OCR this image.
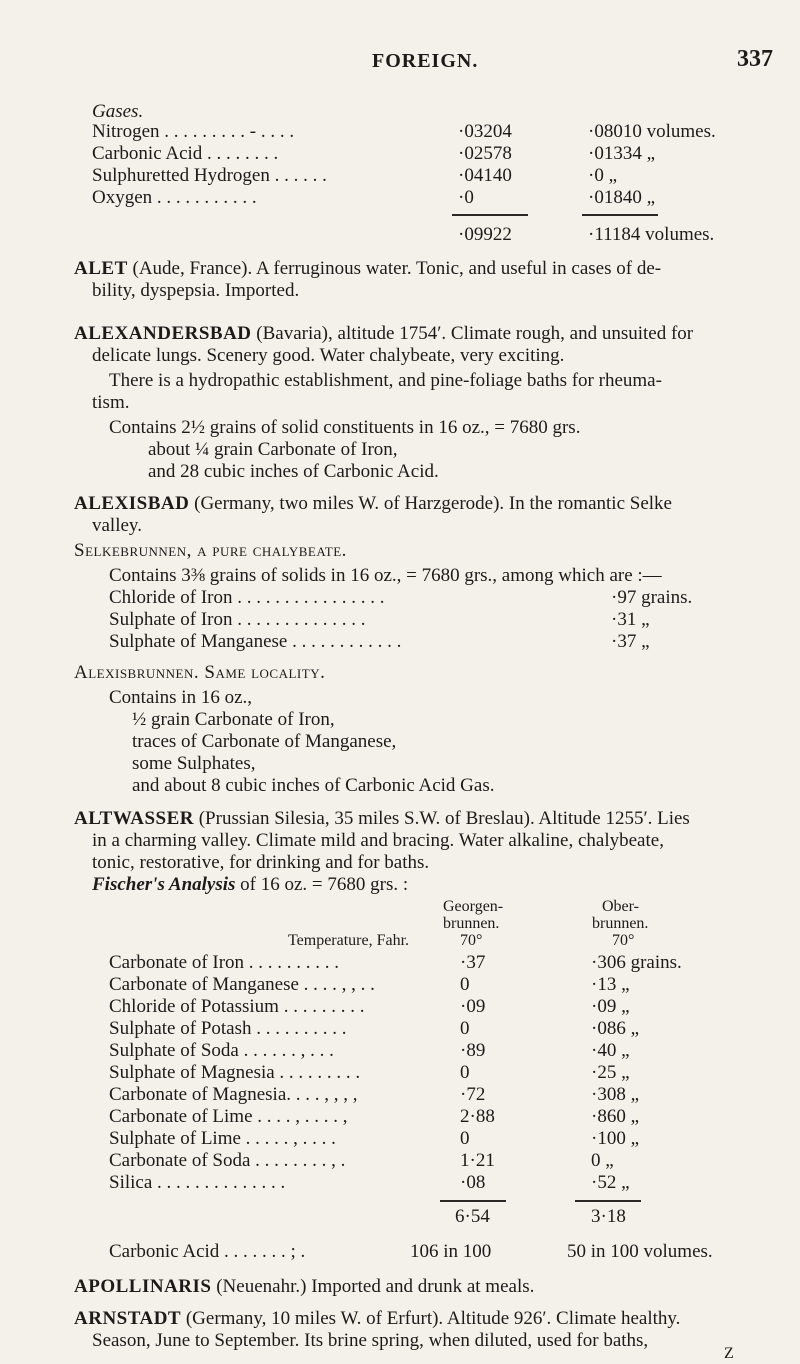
FOREIGN.	337
Gases.
Nitrogen . . . . . . . . . - . . . .	·03204	·08010 volumes.
Carbonic Acid . . . . . . . .	·02578	·01334 „
Sulphuretted Hydrogen . . . . . .	·04140	·0 „
Oxygen . . . . . . . . . . .	·0	·01840 „
·09922	·11184 volumes.
ALET (Aude, France). A ferruginous water. Tonic, and useful in cases of de-
bility, dyspepsia. Imported.
ALEXANDERSBAD (Bavaria), altitude 1754′. Climate rough, and unsuited for
delicate lungs. Scenery good. Water chalybeate, very exciting.
There is a hydropathic establishment, and pine-foliage baths for rheuma-
tism.
Contains 2½ grains of solid constituents in 16 oz., = 7680 grs.
about ¼ grain Carbonate of Iron,
and 28 cubic inches of Carbonic Acid.
ALEXISBAD (Germany, two miles W. of Harzgerode). In the romantic Selke
valley.
Selkebrunnen, a pure chalybeate.
Contains 3⅜ grains of solids in 16 oz., = 7680 grs., among which are :—
Chloride of Iron . . . . . . . . . . . . . . . .	·97 grains.
Sulphate of Iron . . . . . . . . . . . . . .	·31 „
Sulphate of Manganese . . . . . . . . . . . .	·37 „
Alexisbrunnen. Same locality.
Contains in 16 oz.,
½ grain Carbonate of Iron,
traces of Carbonate of Manganese,
some Sulphates,
and about 8 cubic inches of Carbonic Acid Gas.
ALTWASSER (Prussian Silesia, 35 miles S.W. of Breslau). Altitude 1255′. Lies
in a charming valley. Climate mild and bracing. Water alkaline, chalybeate,
tonic, restorative, for drinking and for baths.
Fischer's Analysis of 16 oz. = 7680 grs. :
Georgen-	Ober-
brunnen.	brunnen.
Temperature, Fahr.	70°	70°
Carbonate of Iron . . . . . . . . . .	·37	·306 grains.
Carbonate of Manganese . . . . , , . .	0	·13 „
Chloride of Potassium . . . . . . . . .	·09	·09 „
Sulphate of Potash . . . . . . . . . .	0	·086 „
Sulphate of Soda . . . . . . , . . .	·89	·40 „
Sulphate of Magnesia . . . . . . . . .	0	·25 „
Carbonate of Magnesia. . . . , , , ,	·72	·308 „
Carbonate of Lime . . . . , . . . . ,	2·88	·860 „
Sulphate of Lime . . . . . , . . . .	0	·100 „
Carbonate of Soda . . . . . . . . , .	1·21	0 „
Silica . . . . . . . . . . . . . .	·08	·52 „
6·54	3·18
Carbonic Acid . . . . . . . ; .	106 in 100	50 in 100 volumes.
APOLLINARIS (Neuenahr.) Imported and drunk at meals.
ARNSTADT (Germany, 10 miles W. of Erfurt). Altitude 926′. Climate healthy.
Season, June to September. Its brine spring, when diluted, used for baths,
Z
